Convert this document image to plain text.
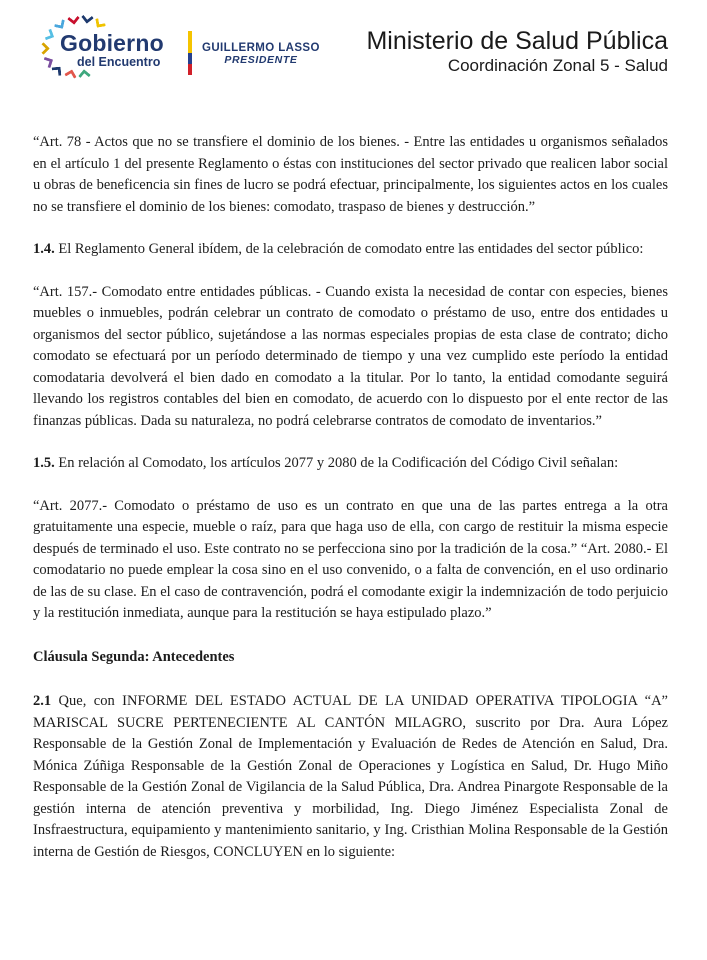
Gobierno
del Encuentro
GUILLERMO LASSO
PRESIDENTE
Ministerio de Salud Pública
Coordinación Zonal 5 - Salud

“Art. 78 - Actos que no se transfiere el dominio de los bienes. - Entre las entidades u organismos señalados en el artículo 1 del presente Reglamento o éstas con instituciones del sector privado que realicen labor social u obras de beneficencia sin fines de lucro se podrá efectuar, principalmente, los siguientes actos en los cuales no se transfiere el dominio de los bienes: comodato, traspaso de bienes y destrucción.”

1.4. El Reglamento General ibídem, de la celebración de comodato entre las entidades del sector público:

“Art. 157.- Comodato entre entidades públicas. - Cuando exista la necesidad de contar con especies, bienes muebles o inmuebles, podrán celebrar un contrato de comodato o préstamo de uso, entre dos entidades u organismos del sector público, sujetándose a las normas especiales propias de esta clase de contrato; dicho comodato se efectuará por un período determinado de tiempo y una vez cumplido este período la entidad comodataria devolverá el bien dado en comodato a la titular. Por lo tanto, la entidad comodante seguirá llevando los registros contables del bien en comodato, de acuerdo con lo dispuesto por el ente rector de las finanzas públicas. Dada su naturaleza, no podrá celebrarse contratos de comodato de inventarios.”

1.5. En relación al Comodato, los artículos 2077 y 2080 de la Codificación del Código Civil señalan:

“Art. 2077.- Comodato o préstamo de uso es un contrato en que una de las partes entrega a la otra gratuitamente una especie, mueble o raíz, para que haga uso de ella, con cargo de restituir la misma especie después de terminado el uso. Este contrato no se perfecciona sino por la tradición de la cosa.” “Art. 2080.- El comodatario no puede emplear la cosa sino en el uso convenido, o a falta de convención, en el uso ordinario de las de su clase. En el caso de contravención, podrá el comodante exigir la indemnización de todo perjuicio y la restitución inmediata, aunque para la restitución se haya estipulado plazo.”

Cláusula Segunda: Antecedentes

2.1 Que, con INFORME DEL ESTADO ACTUAL DE LA UNIDAD OPERATIVA TIPOLOGIA “A” MARISCAL SUCRE PERTENECIENTE AL CANTÓN MILAGRO, suscrito por Dra. Aura López Responsable de la Gestión Zonal de Implementación y Evaluación de Redes de Atención en Salud, Dra. Mónica Zúñiga Responsable de la Gestión Zonal de Operaciones y Logística en Salud, Dr. Hugo Miño Responsable de la Gestión Zonal de Vigilancia de la Salud Pública, Dra. Andrea Pinargote Responsable de la gestión interna de atención preventiva y morbilidad, Ing. Diego Jiménez Especialista Zonal de Insfraestructura, equipamiento y mantenimiento sanitario, y Ing. Cristhian Molina Responsable de la Gestión interna de Gestión de Riesgos, CONCLUYEN en lo siguiente:
